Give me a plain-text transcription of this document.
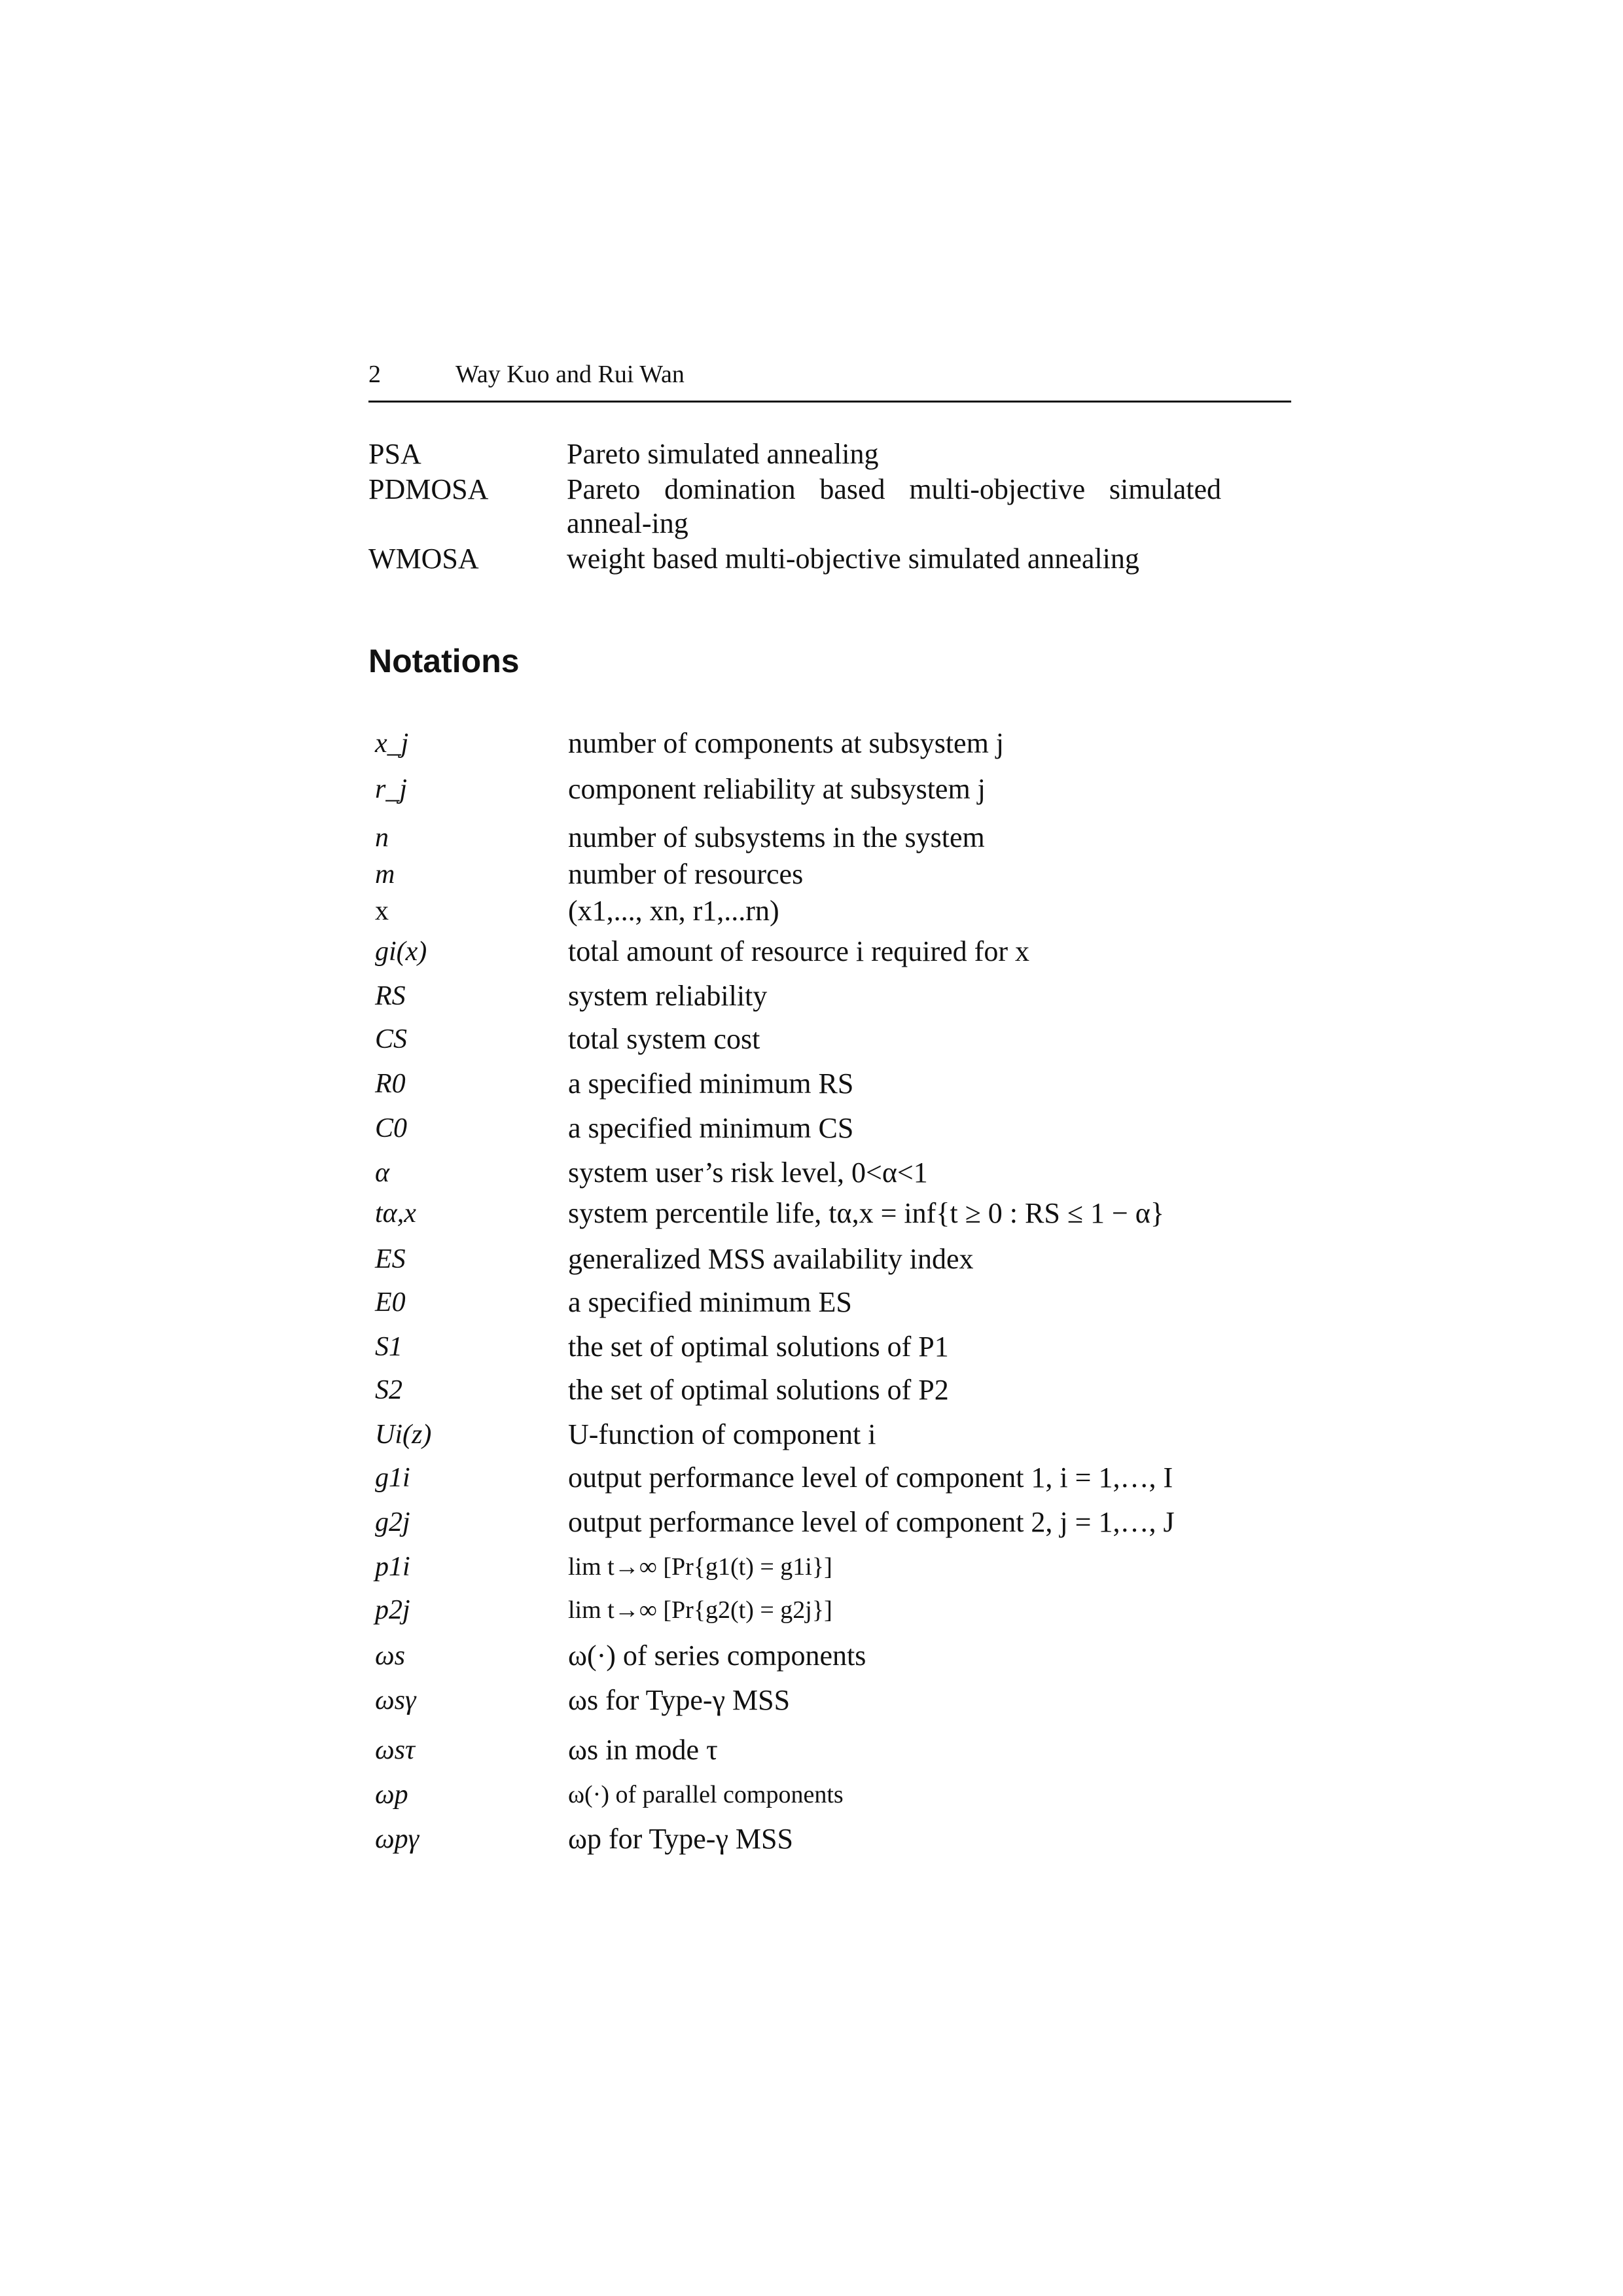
2	Way Kuo and Rui Wan
PSA	Pareto simulated annealing
PDMOSA	Pareto domination based multi-objective simulated anneal-ing
WMOSA	weight based multi-objective simulated annealing
Notations
x_j	number of components at subsystem j
r_j	component reliability at subsystem j
n	number of subsystems in the system
m	number of resources
x	(x1,..., xn, r1,...rn)
gi(x)	total amount of resource i required for x
RS	system reliability
CS	total system cost
R0	a specified minimum RS
C0	a specified minimum CS
α	system user’s risk level, 0<α<1
tα,x	system percentile life, tα,x = inf{t ≥ 0 : RS ≤ 1 − α}
ES	generalized MSS availability index
E0	a specified minimum ES
S1	the set of optimal solutions of P1
S2	the set of optimal solutions of P2
Ui(z)	U-function of component i
g1i	output performance level of component 1, i = 1,…, I
g2j	output performance level of component 2, j = 1,…, J
p1i	lim t→∞ [Pr{g1(t) = g1i}]
p2j	lim t→∞ [Pr{g2(t) = g2j}]
ωs	ω(·) of series components
ωsγ	ωs for Type-γ MSS
ωsτ	ωs in mode τ
ωp	ω(·) of parallel components
ωpγ	ωp for Type-γ MSS
